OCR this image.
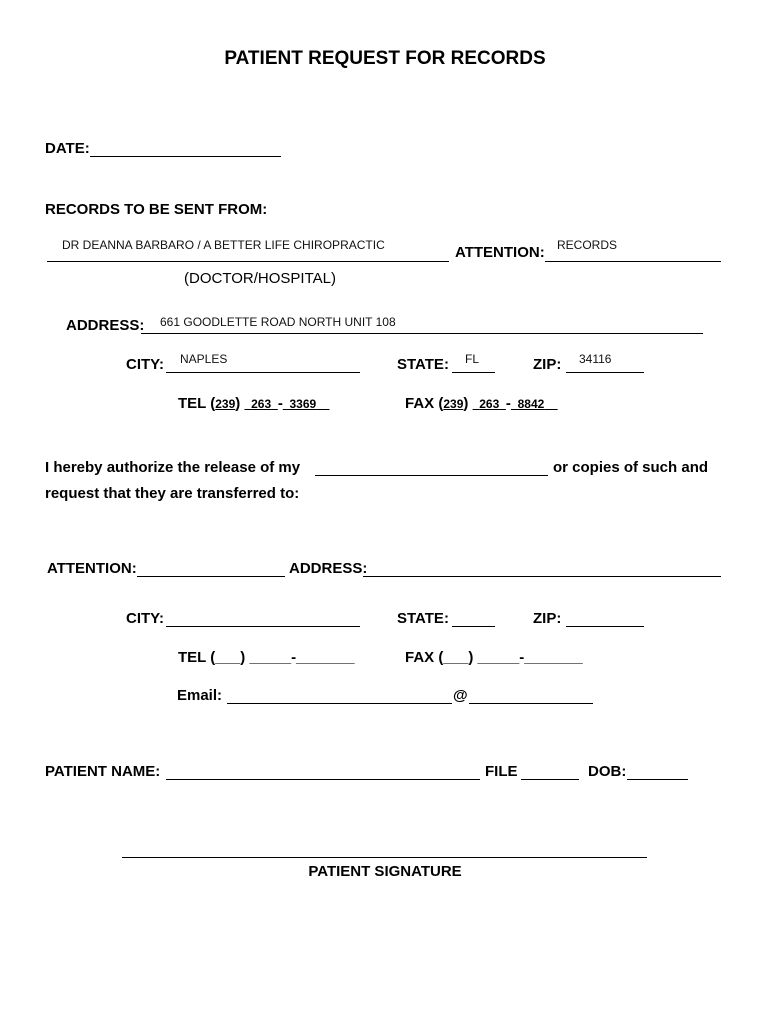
PATIENT REQUEST FOR RECORDS
DATE:
RECORDS TO BE SENT FROM:
DR DEANNA BARBARO / A BETTER LIFE CHIROPRACTIC	ATTENTION: RECORDS
(DOCTOR/HOSPITAL)
ADDRESS: 661 GOODLETTE ROAD NORTH UNIT 108
CITY: NAPLES	STATE: FL	ZIP: 34116
TEL (239) 263 - 3369	FAX (239) 263 - 8842
I hereby authorize the release of my	or copies of such and
request that they are transferred to:
ATTENTION:	ADDRESS:
CITY:	STATE:	ZIP:
TEL (___) _____-_______	FAX (___) _____-_______
Email:	@
PATIENT NAME:	FILE	DOB:
PATIENT SIGNATURE
